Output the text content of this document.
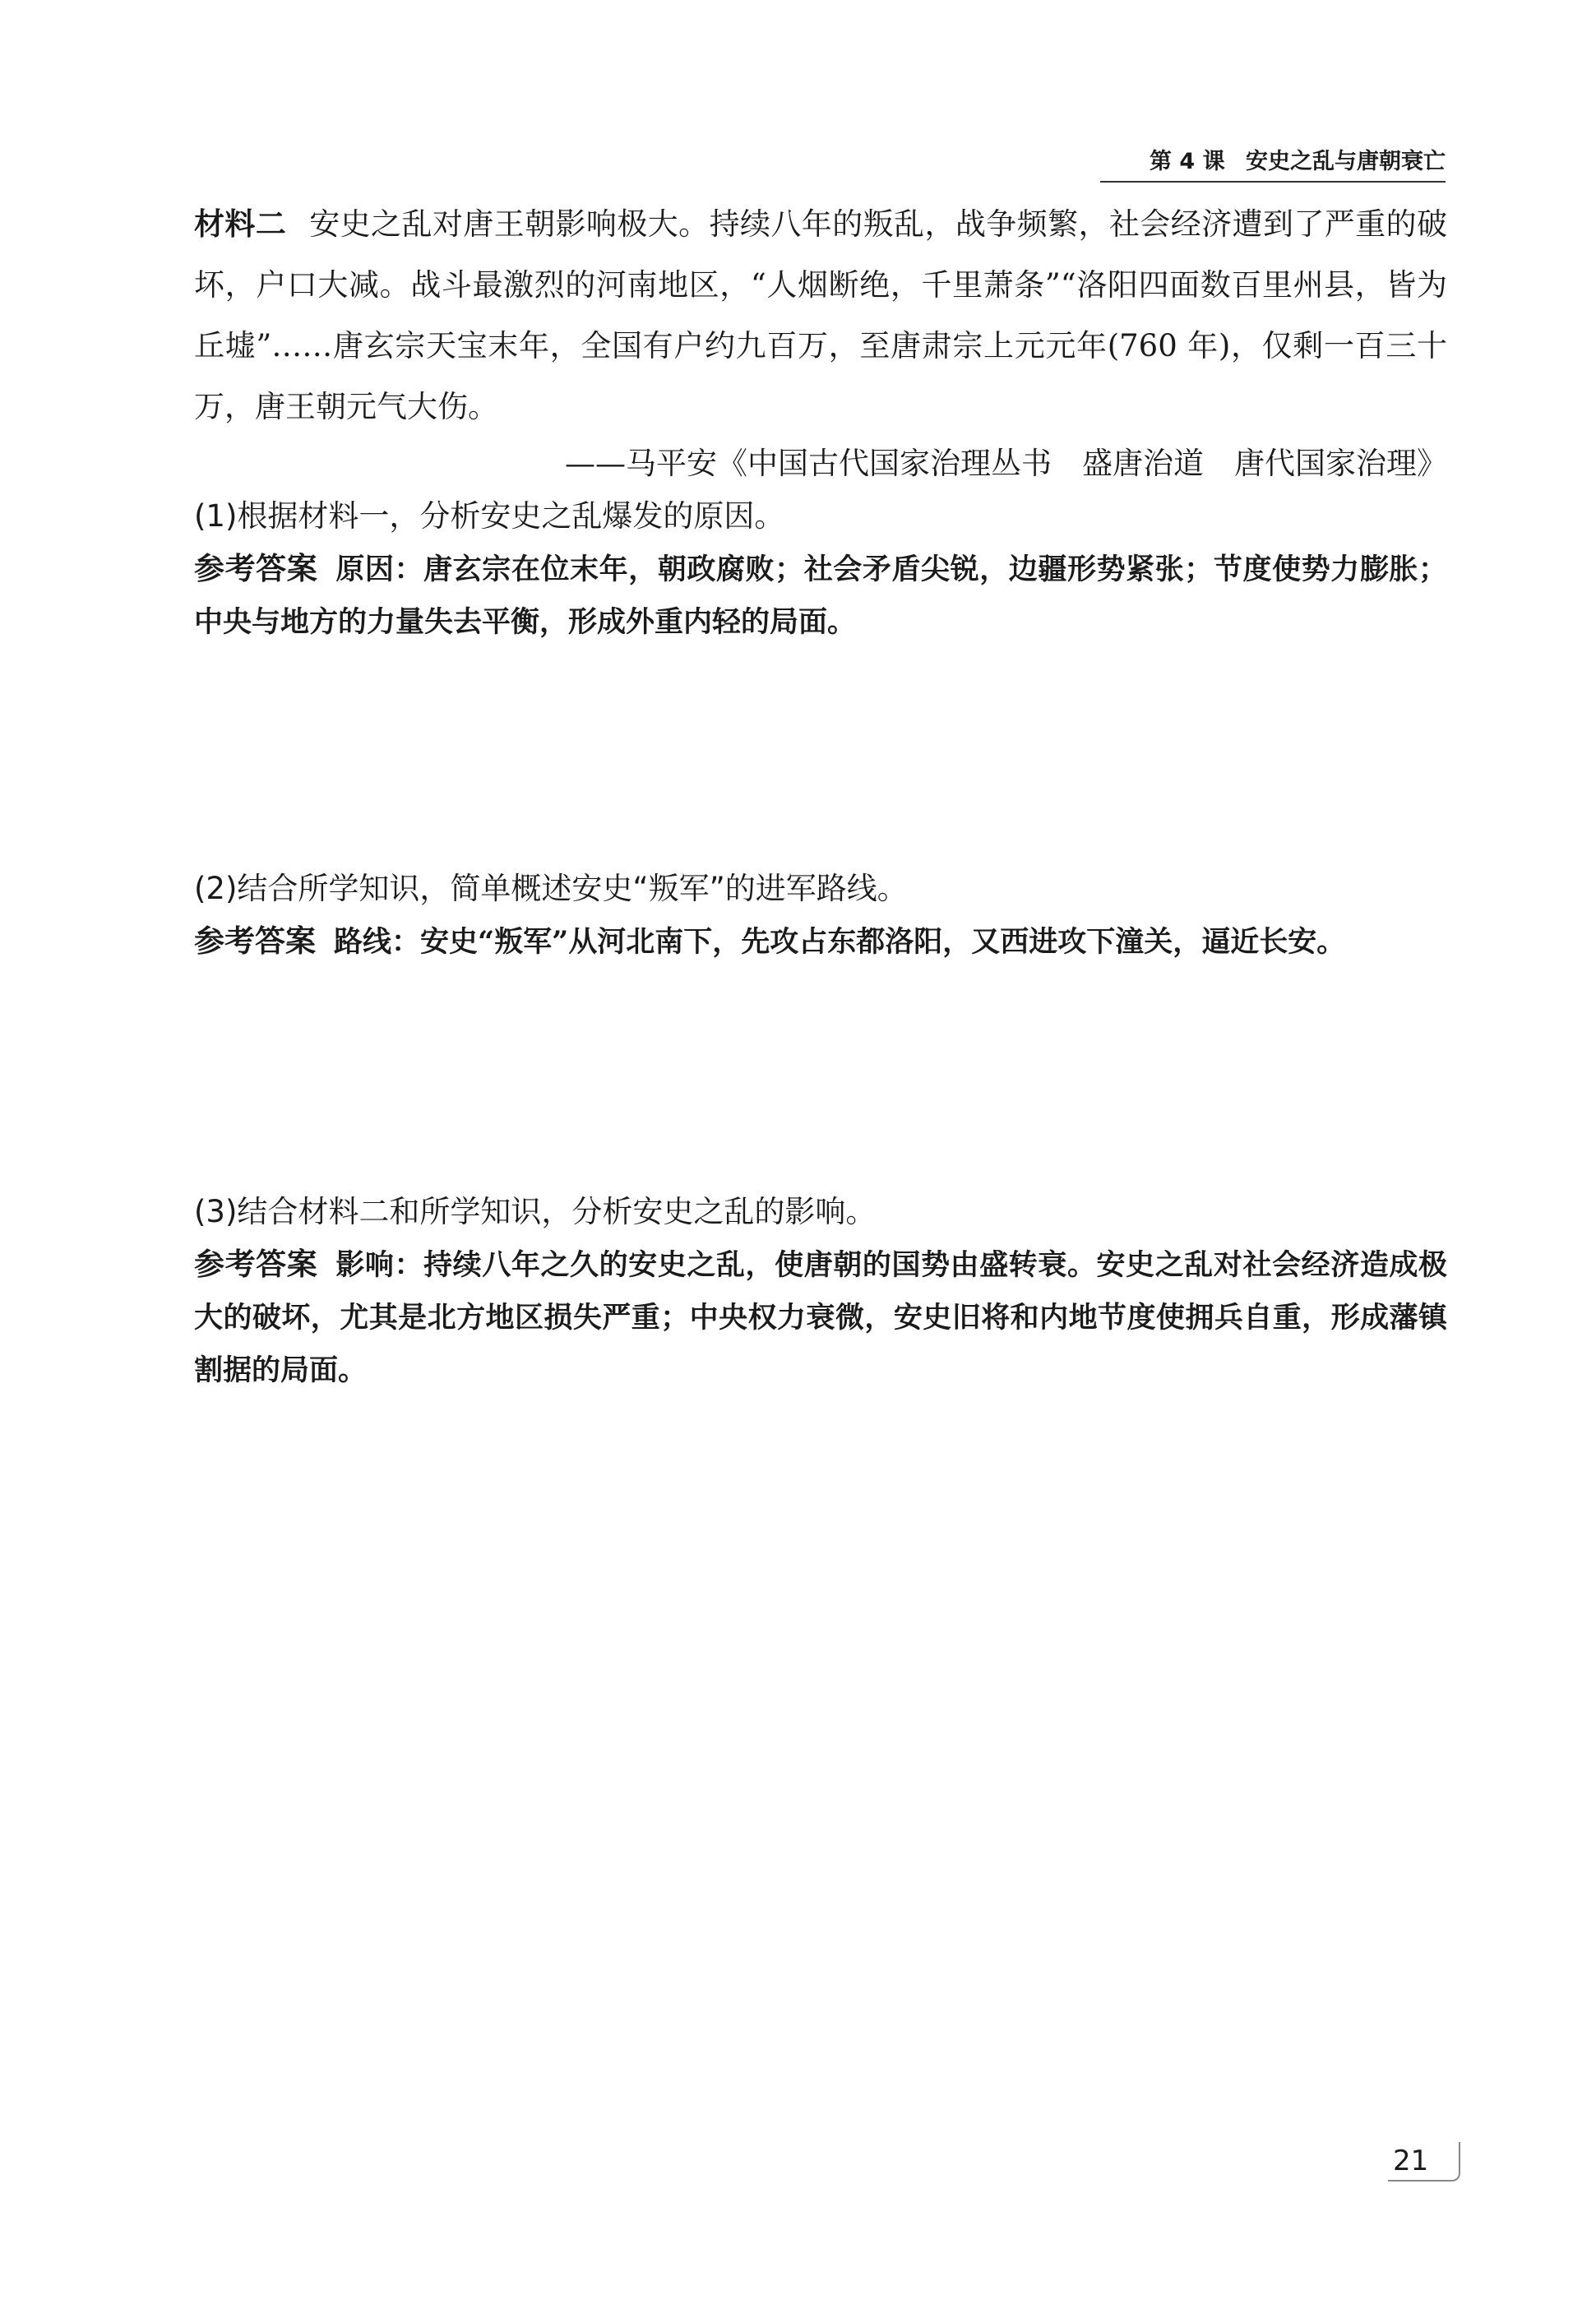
第 4 课 安史之乱与唐朝衰亡

材料二 安史之乱对唐王朝影响极大。持续八年的叛乱，战争频繁，社会经济遭到了严重的破坏，户口大减。战斗最激烈的河南地区，“人烟断绝，千里萧条”“洛阳四面数百里州县，皆为丘墟”……唐玄宗天宝末年，全国有户约九百万，至唐肃宗上元元年(760 年)，仅剩一百三十万，唐王朝元气大伤。

——马平安《中国古代国家治理丛书　盛唐治道　唐代国家治理》

(1)根据材料一，分析安史之乱爆发的原因。

参考答案 原因：唐玄宗在位末年，朝政腐败；社会矛盾尖锐，边疆形势紧张；节度使势力膨胀；中央与地方的力量失去平衡，形成外重内轻的局面。

(2)结合所学知识，简单概述安史“叛军”的进军路线。

参考答案 路线：安史“叛军”从河北南下，先攻占东都洛阳，又西进攻下潼关，逼近长安。

(3)结合材料二和所学知识，分析安史之乱的影响。

参考答案 影响：持续八年之久的安史之乱，使唐朝的国势由盛转衰。安史之乱对社会经济造成极大的破坏，尤其是北方地区损失严重；中央权力衰微，安史旧将和内地节度使拥兵自重，形成藩镇割据的局面。

21
